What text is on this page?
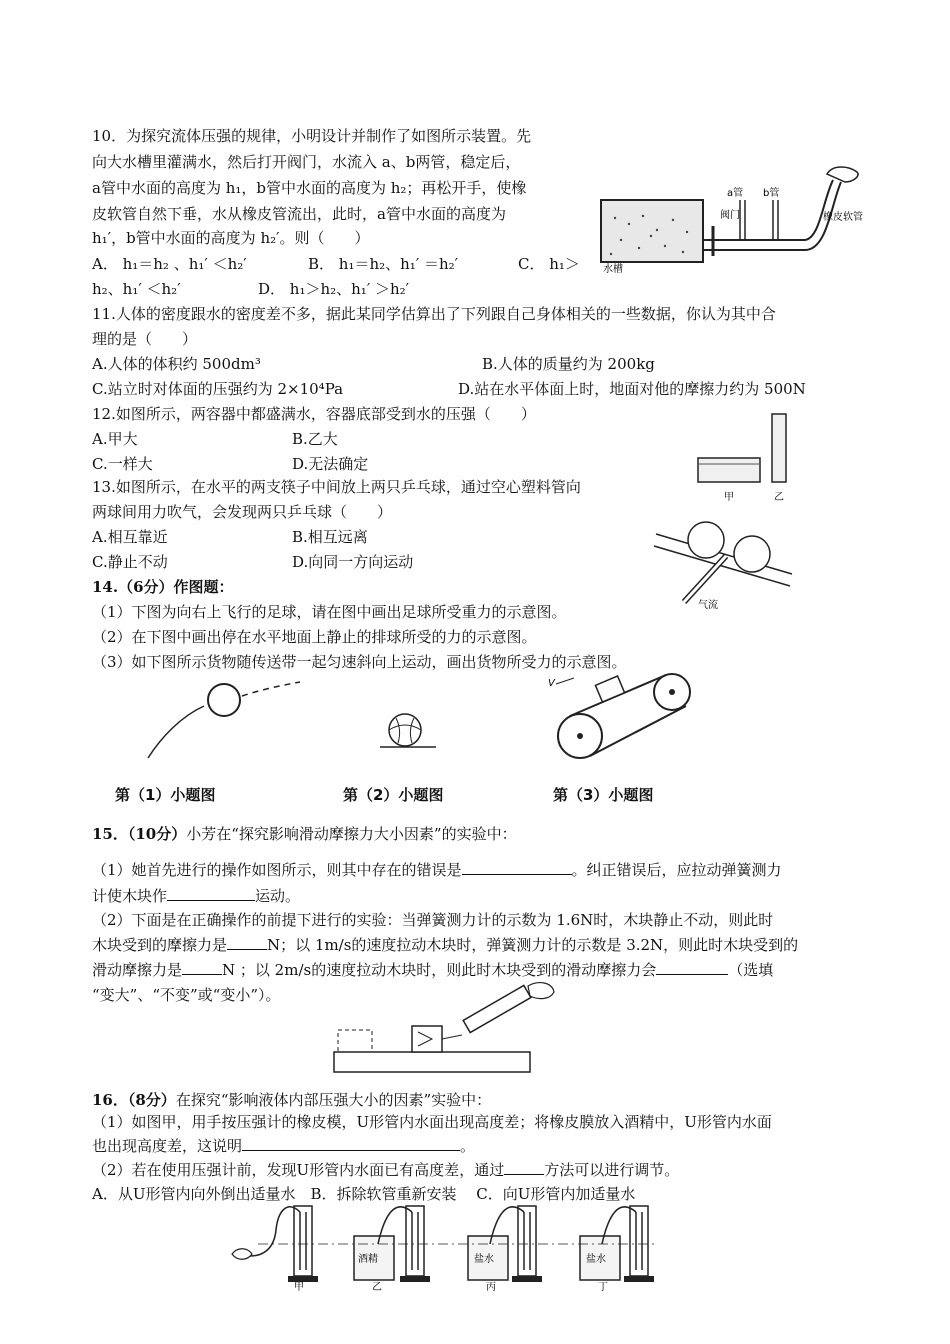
10．为探究流体压强的规律，小明设计并制作了如图所示装置。先
向大水槽里灌满水，然后打开阀门，水流入 a、b两管，稳定后，
a管中水面的高度为 h₁，b管中水面的高度为 h₂；再松开手，使橡
皮软管自然下垂，水从橡皮管流出，此时，a管中水面的高度为
h₁′，b管中水面的高度为 h₂′。则（　　）
A． h₁＝h₂ 、h₁′ ＜h₂′	B． h₁＝h₂、h₁′ ＝h₂′	C． h₁＞
h₂、h₁′ ＜h₂′	D． h₁＞h₂、h₁′ ＞h₂′
阀门
a管 b管
水槽
橡皮软管
11.人体的密度跟水的密度差不多，据此某同学估算出了下列跟自己身体相关的一些数据，你认为其中合
理的是（　　）
A.人体的体积约 500dm³	B.人体的质量约为 200kg
C.站立时对体面的压强约为 2×10⁴Pa	D.站在水平体面上时，地面对他的摩擦力约为 500N
12.如图所示，两容器中都盛满水，容器底部受到水的压强（　　）
A.甲大	B.乙大
C.一样大	D.无法确定
甲	乙
13.如图所示，在水平的两支筷子中间放上两只乒乓球，通过空心塑料管向
两球间用力吹气，会发现两只乒乓球（　　）
A.相互靠近	B.相互远离
C.静止不动	D.向同一方向运动
气流
14.（6分）作图题：
（1）下图为向右上飞行的足球，请在图中画出足球所受重力的示意图。
（2）在下图中画出停在水平地面上静止的排球所受的力的示意图。
（3）如下图所示货物随传送带一起匀速斜向上运动，画出货物所受力的示意图。
V
第（1）小题图	第（2）小题图	第（3）小题图
15．（10分）小芳在“探究影响滑动摩擦力大小因素”的实验中：
（1）她首先进行的操作如图所示，则其中存在的错误是	。纠正错误后，应拉动弹簧测力
计使木块作	运动。
（2）下面是在正确操作的前提下进行的实验：当弹簧测力计的示数为 1.6N时，木块静止不动，则此时
木块受到的摩擦力是	N；以 1m/s的速度拉动木块时，弹簧测力计的示数是 3.2N，则此时木块受到的
滑动摩擦力是	N ；以 2m/s的速度拉动木块时，则此时木块受到的滑动摩擦力会	（选填
“变大”、“不变”或“变小”）。
16．（8分）在探究“影响液体内部压强大小的因素”实验中：
（1）如图甲，用手按压强计的橡皮模，U形管内水面出现高度差；将橡皮膜放入酒精中，U形管内水面
也出现高度差，这说明	。
（2）若在使用压强计前，发现U形管内水面已有高度差，通过	方法可以进行调节。
A．从U形管内向外倒出适量水　B．拆除软管重新安装　 C．向U形管内加适量水
甲
酒精
乙
盐水
丙
盐水
丁
